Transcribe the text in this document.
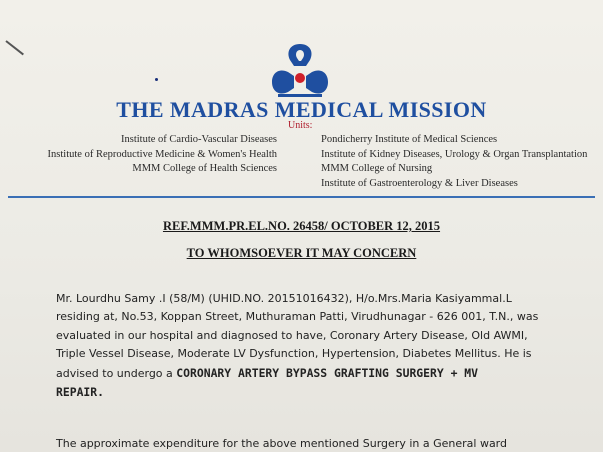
THE MADRAS MEDICAL MISSION
Units:
Institute of Cardio-Vascular Diseases
Institute of Reproductive Medicine & Women's Health
MMM College of Health Sciences
Pondicherry Institute of Medical Sciences
Institute of Kidney Diseases, Urology & Organ Transplantation
MMM College of Nursing
Institute of Gastroenterology & Liver Diseases
REF.MMM.PR.EL.NO. 26458/ OCTOBER 12, 2015
TO WHOMSOEVER IT MAY CONCERN
Mr. Lourdhu Samy .I (58/M) (UHID.NO. 20151016432), H/o.Mrs.Maria Kasiyammal.L
residing at, No.53, Koppan Street, Muthuraman Patti, Virudhunagar - 626 001, T.N., was
evaluated in our hospital and diagnosed to have, Coronary Artery Disease, Old AWMI,
Triple Vessel Disease, Moderate LV Dysfunction, Hypertension, Diabetes Mellitus. He is
advised to undergo a CORONARY ARTERY BYPASS GRAFTING SURGERY + MV
REPAIR.
The approximate expenditure for the above mentioned Surgery in a General ward
